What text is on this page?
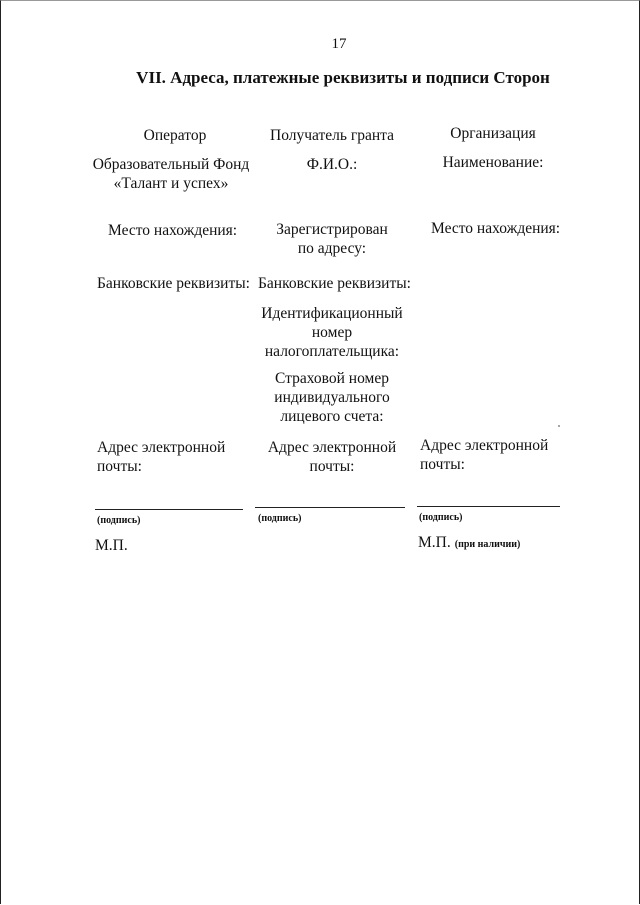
17
VII. Адреса, платежные реквизиты и подписи Сторон
Оператор
Образовательный Фонд
«Талант и успех»
Место нахождения:
Банковские реквизиты:
Адрес электронной
почты:
(подпись)
М.П.
Получатель гранта
Ф.И.О.:
Зарегистрирован
по адресу:
Банковские реквизиты:
Идентификационный
номер
налогоплательщика:
Страховой номер
индивидуального
лицевого счета:
Адрес электронной
почты:
(подпись)
Организация
Наименование:
Место нахождения:
Адрес электронной
почты:
(подпись)
М.П. (при наличии)
